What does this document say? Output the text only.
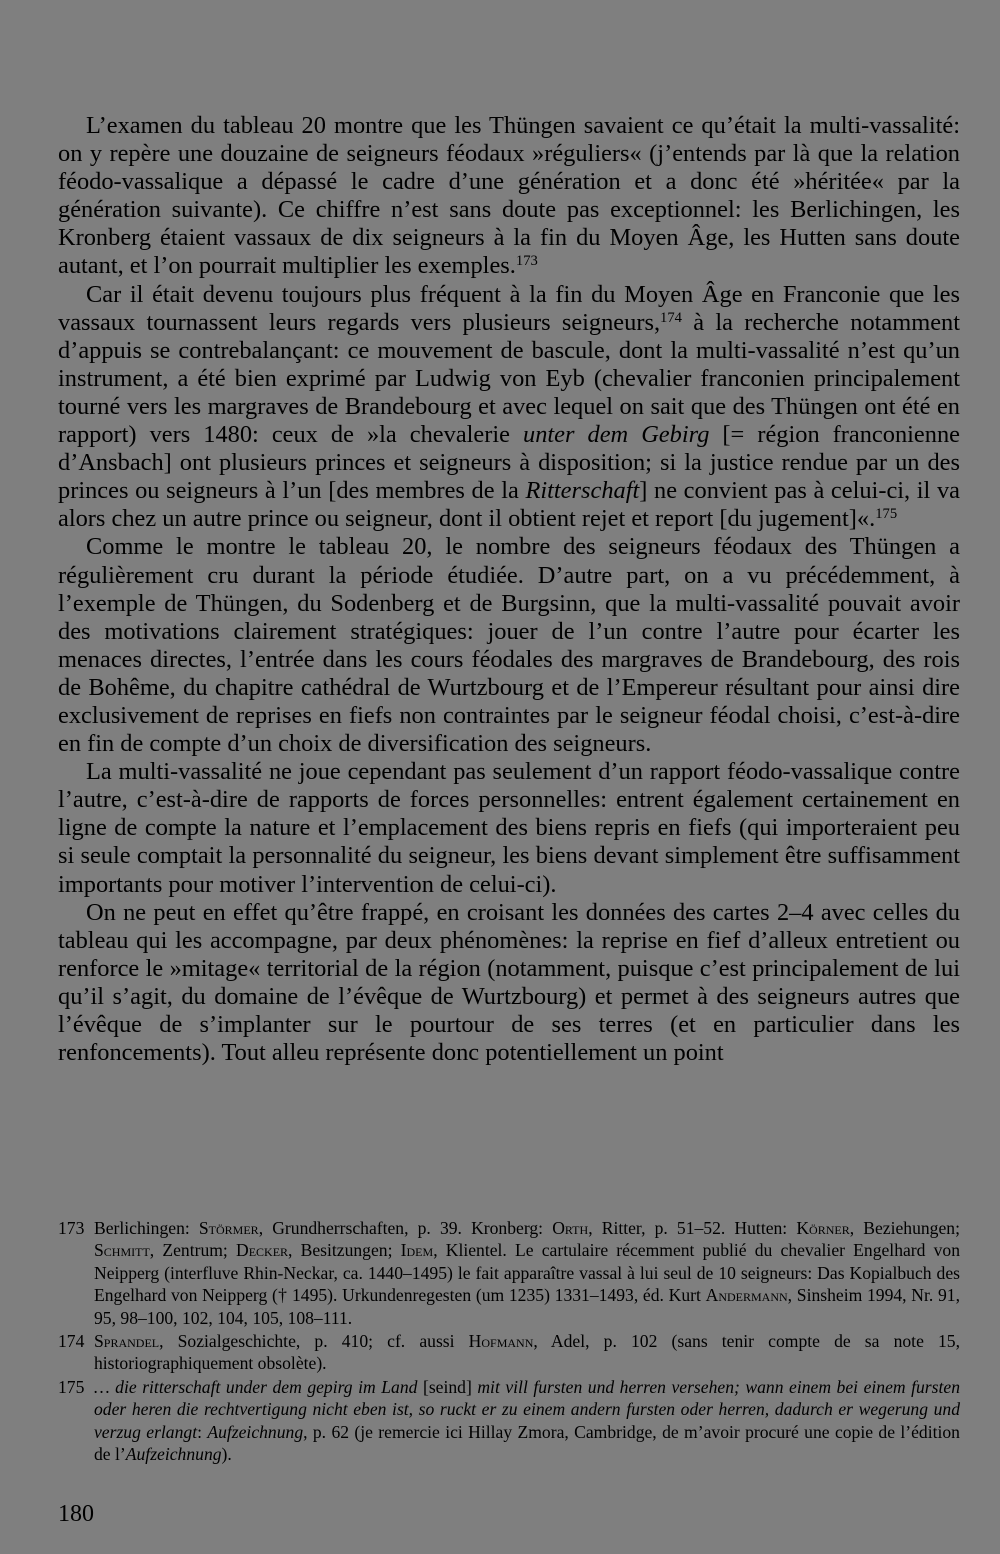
L’examen du tableau 20 montre que les Thüngen savaient ce qu’était la multi-vassalité: on y repère une douzaine de seigneurs féodaux »réguliers« (j’entends par là que la relation féodo-vassalique a dépassé le cadre d’une génération et a donc été »héritée« par la génération suivante). Ce chiffre n’est sans doute pas exceptionnel: les Berlichingen, les Kronberg étaient vassaux de dix seigneurs à la fin du Moyen Âge, les Hutten sans doute autant, et l’on pourrait multiplier les exemples.$^{173}$

Car il était devenu toujours plus fréquent à la fin du Moyen Âge en Franconie que les vassaux tournassent leurs regards vers plusieurs seigneurs,$^{174}$ à la recherche notamment d’appuis se contrebalançant: ce mouvement de bascule, dont la multi-vassalité n’est qu’un instrument, a été bien exprimé par Ludwig von Eyb (chevalier franconien principalement tourné vers les margraves de Brandebourg et avec lequel on sait que des Thüngen ont été en rapport) vers 1480: ceux de »la chevalerie unter dem Gebirg [= région franconienne d’Ansbach] ont plusieurs princes et seigneurs à disposition; si la justice rendue par un des princes ou seigneurs à l’un [des membres de la Ritterschaft] ne convient pas à celui-ci, il va alors chez un autre prince ou seigneur, dont il obtient rejet et report [du jugement]«.$^{175}$

Comme le montre le tableau 20, le nombre des seigneurs féodaux des Thüngen a régulièrement cru durant la période étudiée. D’autre part, on a vu précédemment, à l’exemple de Thüngen, du Sodenberg et de Burgsinn, que la multi-vassalité pouvait avoir des motivations clairement stratégiques: jouer de l’un contre l’autre pour écarter les menaces directes, l’entrée dans les cours féodales des margraves de Brandebourg, des rois de Bohême, du chapitre cathédral de Wurtzbourg et de l’Empereur résultant pour ainsi dire exclusivement de reprises en fiefs non contraintes par le seigneur féodal choisi, c’est-à-dire en fin de compte d’un choix de diversification des seigneurs.

La multi-vassalité ne joue cependant pas seulement d’un rapport féodo-vassalique contre l’autre, c’est-à-dire de rapports de forces personnelles: entrent également certainement en ligne de compte la nature et l’emplacement des biens repris en fiefs (qui importeraient peu si seule comptait la personnalité du seigneur, les biens devant simplement être suffisamment importants pour motiver l’intervention de celui-ci).

On ne peut en effet qu’être frappé, en croisant les données des cartes 2–4 avec celles du tableau qui les accompagne, par deux phénomènes: la reprise en fief d’alleux entretient ou renforce le »mitage« territorial de la région (notamment, puisque c’est principalement de lui qu’il s’agit, du domaine de l’évêque de Wurtzbourg) et permet à des seigneurs autres que l’évêque de s’implanter sur le pourtour de ses terres (et en particulier dans les renfoncements). Tout alleu représente donc potentiellement un point

173 Berlichingen: Störmer, Grundherrschaften, p. 39. Kronberg: Orth, Ritter, p. 51–52. Hutten: Körner, Beziehungen; Schmitt, Zentrum; Decker, Besitzungen; Idem, Klientel. Le cartulaire récemment publié du chevalier Engelhard von Neipperg (interfluve Rhin-Neckar, ca. 1440–1495) le fait apparaître vassal à lui seul de 10 seigneurs: Das Kopialbuch des Engelhard von Neipperg († 1495). Urkundenregesten (um 1235) 1331–1493, éd. Kurt Andermann, Sinsheim 1994, Nr. 91, 95, 98–100, 102, 104, 105, 108–111.
174 Sprandel, Sozialgeschichte, p. 410; cf. aussi Hofmann, Adel, p. 102 (sans tenir compte de sa note 15, historiographiquement obsolète).
175 … die ritterschaft under dem gepirg im Land [seind] mit vill fursten und herren versehen; wann einem bei einem fursten oder heren die rechtvertigung nicht eben ist, so ruckt er zu einem andern fursten oder herren, dadurch er wegerung und verzug erlangt: Aufzeichnung, p. 62 (je remercie ici Hillay Zmora, Cambridge, de m’avoir procuré une copie de l’édition de l’Aufzeichnung).
180
